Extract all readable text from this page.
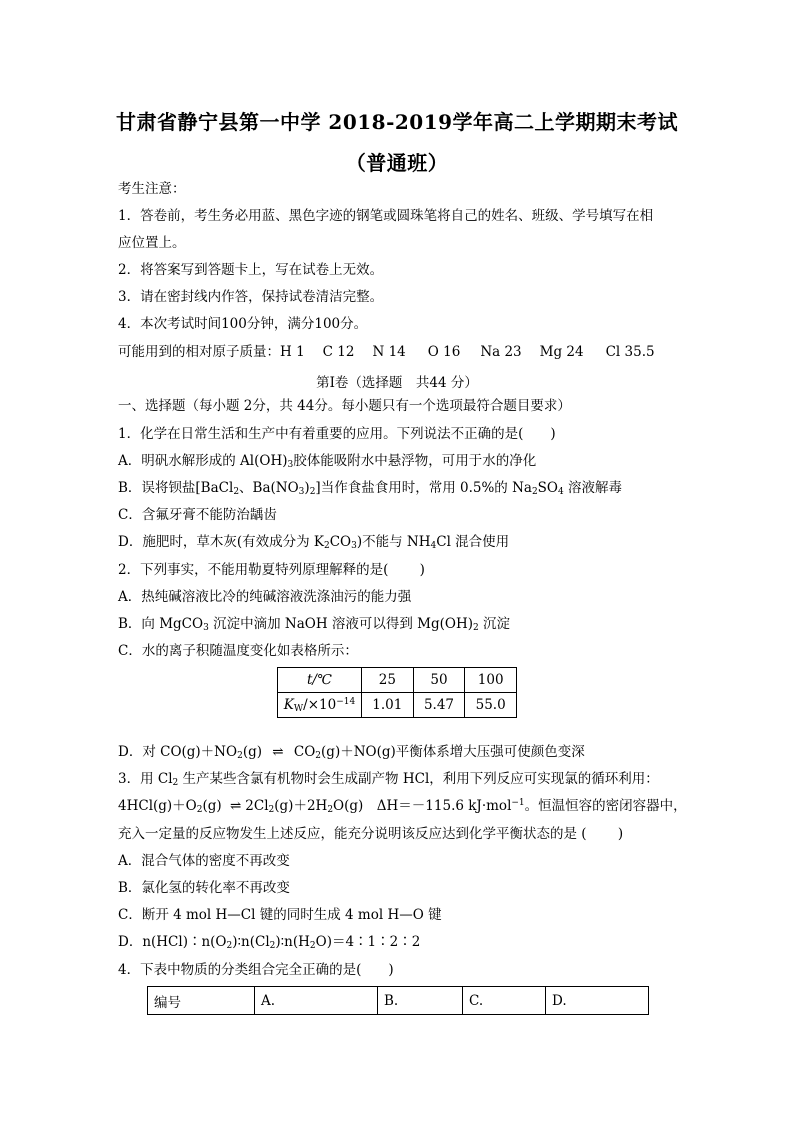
甘肃省静宁县第一中学 2018-2019学年高二上学期期末考试
（普通班）
考生注意：
1．答卷前，考生务必用蓝、黑色字迹的钢笔或圆珠笔将自己的姓名、班级、学号填写在相
应位置上。
2．将答案写到答题卡上，写在试卷上无效。
3．请在密封线内作答，保持试卷清洁完整。
4．本次考试时间100分钟，满分100分。
可能用到的相对原子质量：H 1 C 12 N 14 O 16 Na 23 Mg 24 Cl 35.5
第Ⅰ卷（选择题　共44 分）
一、选择题（每小题 2分，共 44分。每小题只有一个选项最符合题目要求）
1．化学在日常生活和生产中有着重要的应用。下列说法不正确的是(　　)
A．明矾水解形成的 $Al(OH)_3$胶体能吸附水中悬浮物，可用于水的净化
B．误将钡盐[BaCl$_2$、$Ba(NO_3)_2$]当作食盐食用时，常用 0.5%的 $Na_2SO_4$ 溶液解毒
C．含氟牙膏不能防治龋齿
D．施肥时，草木灰(有效成分为 $K_2CO_3$)不能与 $NH_4Cl$ 混合使用
2．下列事实，不能用勒夏特列原理解释的是(　　 )
A．热纯碱溶液比冷的纯碱溶液洗涤油污的能力强
B．向 MgCO$_3$ 沉淀中滴加 NaOH 溶液可以得到 $Mg(OH)_2$ 沉淀
C．水的离子积随温度变化如表格所示：
t/℃	25	50	100
$K_W/\times 10^{-14}$	1.01	5.47	55.0
D．对 $CO(g)+NO_2(g)$ ⇌ $CO_2(g)+NO(g)$平衡体系增大压强可使颜色变深
3．用 $Cl_2$ 生产某些含氯有机物时会生成副产物 HCl，利用下列反应可实现氯的循环利用：
$4HCl(g)+O_2(g)$ ⇌ $2Cl_2(g)+2H_2O(g)$　ΔH＝－115.6 kJ·mol$^{-1}$。恒温恒容的密闭容器中，
充入一定量的反应物发生上述反应，能充分说明该反应达到化学平衡状态的是 (　　 )
A．混合气体的密度不再改变
B．氯化氢的转化率不再改变
C．断开 4 mol H—Cl 键的同时生成 4 mol H—O 键
D．$n(HCl)∶n(O_2)∶n(Cl_2)∶n(H_2O)=4∶1∶2∶2$
4．下表中物质的分类组合完全正确的是(　　)
编号	A.	B.	C.	D.
